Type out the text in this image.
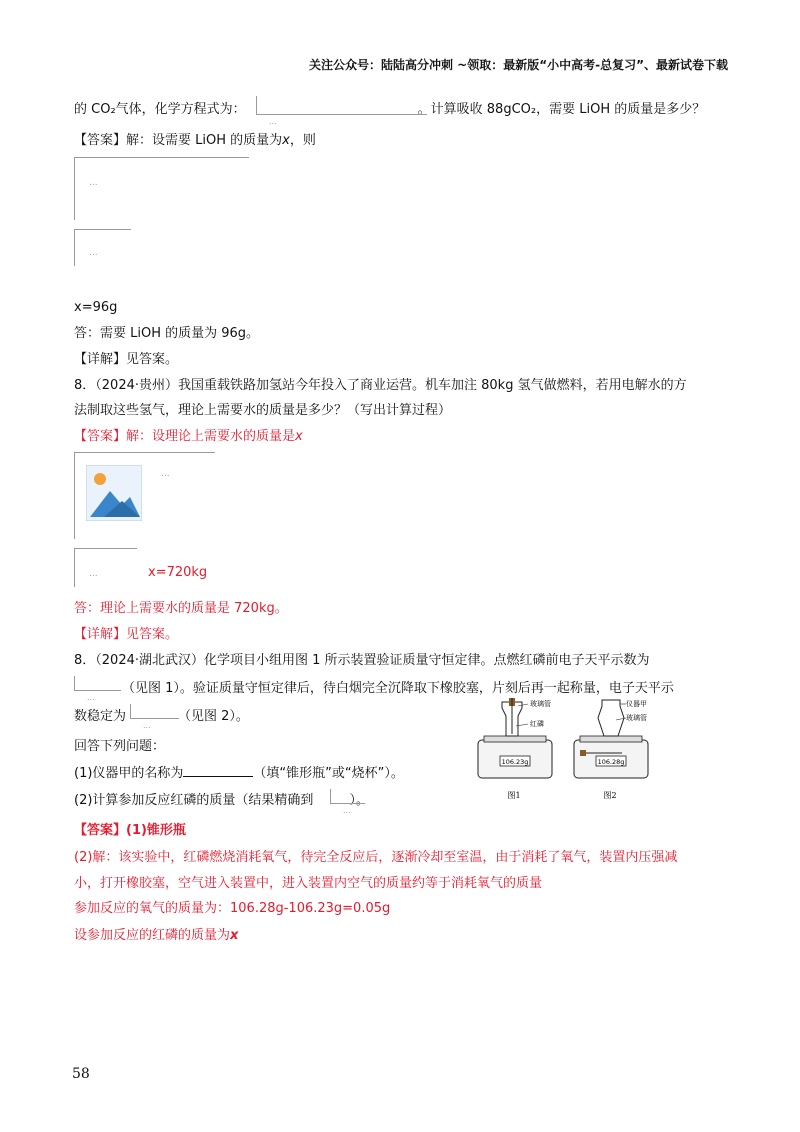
关注公众号：陆陆高分冲刺 ~领取：最新版“小中高考-总复习”、最新试卷下载
的 CO₂气体，化学方程式为：	。计算吸收 88gCO₂，需要 LiOH 的质量是多少？
...
【答案】解：设需要 LiOH 的质量为x，则
...
...
x=96g
答：需要 LiOH 的质量为 96g。
【详解】见答案。
8．（2024·贵州）我国重载铁路加氢站今年投入了商业运营。机车加注 80kg 氢气做燃料，若用电解水的方
法制取这些氢气，理论上需要水的质量是多少？（写出计算过程）
【答案】解：设理论上需要水的质量是x
...
...	x=720kg
答：理论上需要水的质量是 720kg。
【详解】见答案。
8．（2024·湖北武汉）化学项目小组用图 1 所示装置验证质量守恒定律。点燃红磷前电子天平示数为
...
（见图 1）。验证质量守恒定律后，待白烟完全沉降取下橡胶塞，片刻后再一起称量，电子天平示
数稳定为	（见图 2）。
...
回答下列问题：
(1)仪器甲的名称为	（填“锥形瓶”或“烧杯”）。
(2)计算参加反应红磷的质量（结果精确到	）。
...
玻璃管
红磷
106.23g
图1
仪器甲
玻璃管
106.28g
图2
【答案】(1)锥形瓶
(2)解：该实验中，红磷燃烧消耗氧气，待完全反应后，逐渐冷却至室温，由于消耗了氧气，装置内压强减
小，打开橡胶塞，空气进入装置中，进入装置内空气的质量约等于消耗氧气的质量
参加反应的氧气的质量为：106.28g-106.23g=0.05g
设参加反应的红磷的质量为x
58
